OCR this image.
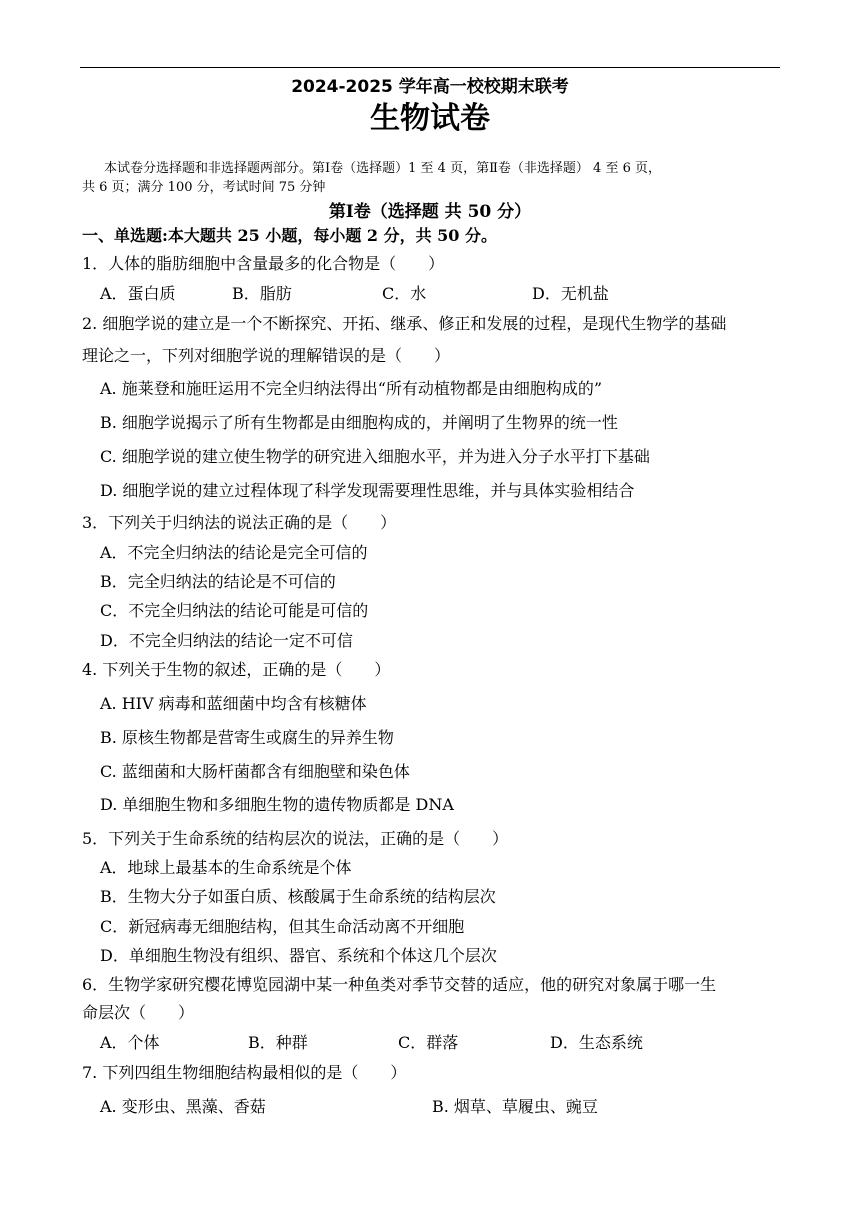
2024-2025 学年高一校校期末联考
生物试卷
本试卷分选择题和非选择题两部分。第Ⅰ卷（选择题）1 至 4 页，第Ⅱ卷（非选择题） 4 至 6 页，
共 6 页；满分 100 分，考试时间 75 分钟
第Ⅰ卷（选择题 共 50 分）
一、单选题:本大题共 25 小题，每小题 2 分，共 50 分。
1．人体的脂肪细胞中含量最多的化合物是（　　）
A．蛋白质	B．脂肪	C．水	D．无机盐
2. 细胞学说的建立是一个不断探究、开拓、继承、修正和发展的过程，是现代生物学的基础
理论之一，下列对细胞学说的理解错误的是（　　）
A. 施莱登和施旺运用不完全归纳法得出“所有动植物都是由细胞构成的”
B. 细胞学说揭示了所有生物都是由细胞构成的，并阐明了生物界的统一性
C. 细胞学说的建立使生物学的研究进入细胞水平，并为进入分子水平打下基础
D. 细胞学说的建立过程体现了科学发现需要理性思维，并与具体实验相结合
3．下列关于归纳法的说法正确的是（　　）
A．不完全归纳法的结论是完全可信的
B．完全归纳法的结论是不可信的
C．不完全归纳法的结论可能是可信的
D．不完全归纳法的结论一定不可信
4. 下列关于生物的叙述，正确的是（　　）
A. HIV 病毒和蓝细菌中均含有核糖体
B. 原核生物都是营寄生或腐生的异养生物
C. 蓝细菌和大肠杆菌都含有细胞壁和染色体
D. 单细胞生物和多细胞生物的遗传物质都是 DNA
5．下列关于生命系统的结构层次的说法，正确的是（　　）
A．地球上最基本的生命系统是个体
B．生物大分子如蛋白质、核酸属于生命系统的结构层次
C．新冠病毒无细胞结构，但其生命活动离不开细胞
D．单细胞生物没有组织、器官、系统和个体这几个层次
6．生物学家研究樱花博览园湖中某一种鱼类对季节交替的适应，他的研究对象属于哪一生
命层次（　　）
A．个体	B．种群	C．群落	D．生态系统
7. 下列四组生物细胞结构最相似的是（　　）
A. 变形虫、黑藻、香菇	B. 烟草、草履虫、豌豆
